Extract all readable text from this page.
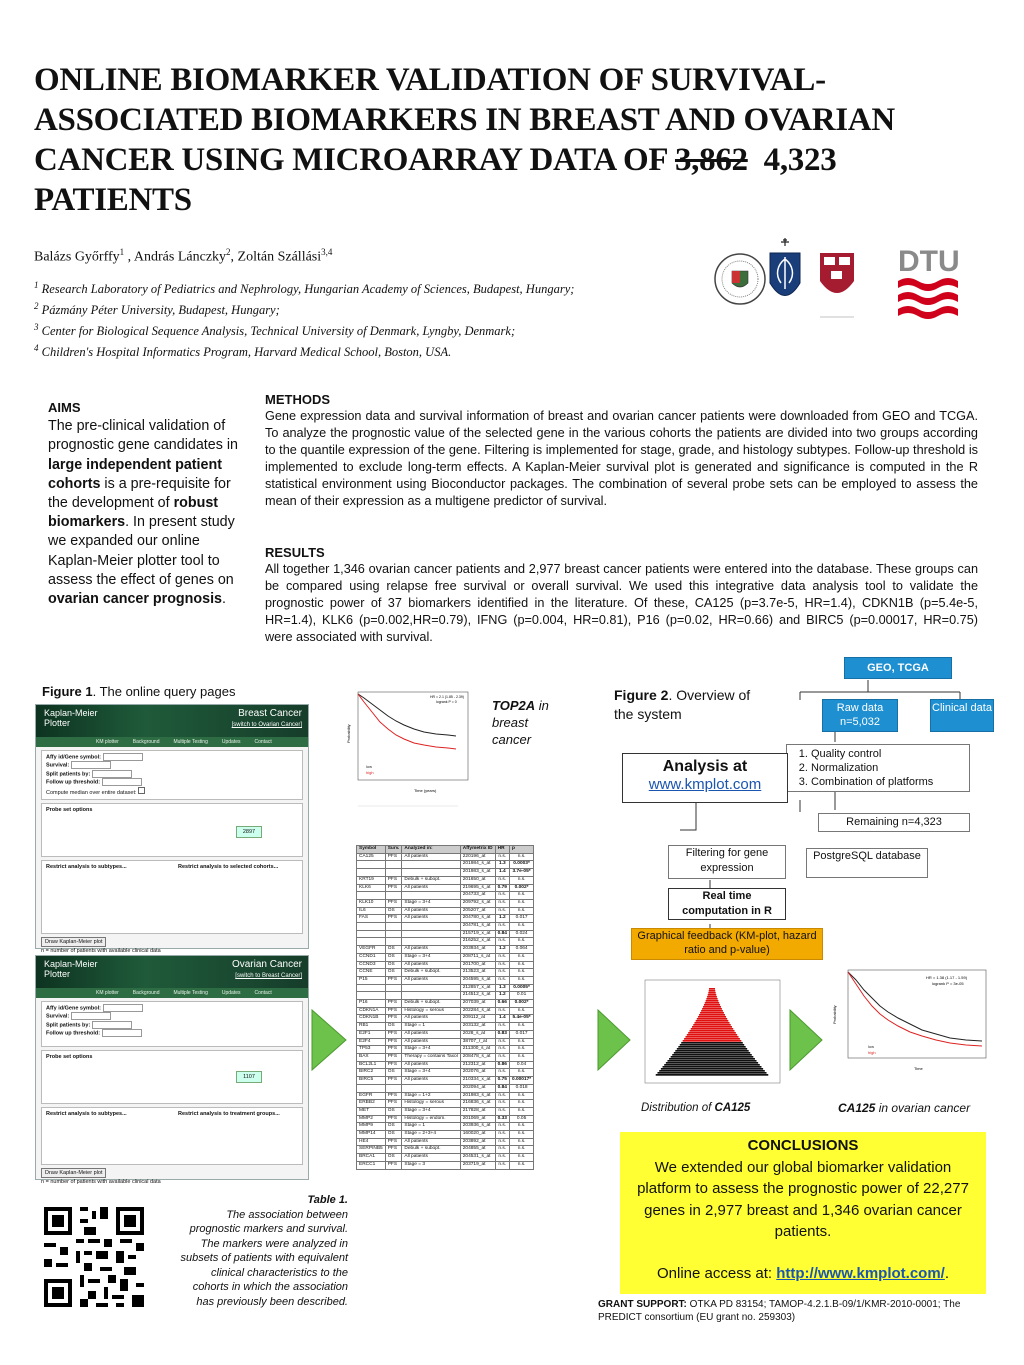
ONLINE BIOMARKER VALIDATION OF SURVIVAL-ASSOCIATED BIOMARKERS IN BREAST AND OVARIAN CANCER USING MICROARRAY DATA OF 3,862 4,323 PATIENTS
Balázs Győrffy$^1$ , András Lánczky$^2$, Zoltán Szállási$^{3,4}$
$^1$ Research Laboratory of Pediatrics and Nephrology, Hungarian Academy of Sciences, Budapest, Hungary;
$^2$ Pázmány Péter University, Budapest, Hungary;
$^3$ Center for Biological Sequence Analysis, Technical University of Denmark, Lyngby, Denmark;
$^4$ Children's Hospital Informatics Program, Harvard Medical School, Boston, USA.
DTU
AIMS
The pre-clinical validation of prognostic gene candidates in large independent patient cohorts is a pre-requisite for the development of robust biomarkers. In present study we expanded our online Kaplan-Meier plotter tool to assess the effect of genes on ovarian cancer prognosis.
METHODS
Gene expression data and survival information of breast and ovarian cancer patients were downloaded from GEO and TCGA. To analyze the prognostic value of the selected gene in the various cohorts the patients are divided into two groups according to the quantile expression of the gene. Filtering is implemented for stage, grade, and histology subtypes. Follow-up threshold is implemented to exclude long-term effects. A Kaplan-Meier survival plot is generated and significance is computed in the R statistical environment using Bioconductor packages. The combination of several probe sets can be employed to assess the mean of their expression as a multigene predictor of survival.
RESULTS
All together 1,346 ovarian cancer patients and 2,977 breast cancer patients were entered into the database. These groups can be compared using relapse free survival or overall survival. We used this integrative data analysis tool to validate the prognostic power of 37 biomarkers identified in the literature. Of these, CA125 (p=3.7e-5, HR=1.4), CDKN1B (p=5.4e-5, HR=1.4), KLK6 (p=0.002,HR=0.79), IFNG (p=0.004, HR=0.81), P16 (p=0.02, HR=0.66) and BIRC5 (p=0.00017, HR=0.75) were associated with survival.
Figure 1. The online query pages
Kaplan-Meier Plotter
Breast Cancer
[switch to Ovarian Cancer]
KM plotter	Background	Multiple Testing	Updates	Contact
Affy id/Gene symbol:
Survival:
Split patients by:
Follow up threshold:
Compute median over entire dataset:
Probe set options
2897
Restrict analysis to subtypes...	Restrict analysis to selected cohorts...
Draw Kaplan-Meier plot
n = number of patients with available clinical data
Kaplan-Meier Plotter
Ovarian Cancer
[switch to Breast Cancer]
KM plotter	Background	Multiple Testing	Updates	Contact
Affy id/Gene symbol:
Survival:
Split patients by:
Follow up threshold:
Probe set options
1107
Restrict analysis to subtypes...	Restrict analysis to treatment groups...
Draw Kaplan-Meier plot
n = number of patients with available clinical data
HR = 2.1 (1.85 - 2.39)
logrank P = 0
low
high
Time (years)
Probability
TOP2A in breast cancer
Symbol	Surv.	Analyzed in:	Affymetrix ID	HR	p
CA125	PFS	All patients	220196_at	n.s.	n.s.
			201984_s_at	1.3	0.0003*
			201983_s_at	1.4	3.7e-05*
KRT19	PFS	Debulk + subopt.	201650_at	n.s.	n.s.
KLK6	PFS	All patients	219695_s_at	0.79	0.002*
			204733_at	n.s.	n.s.
KLK10	PFS	Stage = 3+4	209792_s_at	n.s.	n.s.
IL6	OS	All patients	205207_at	n.s.	n.s.
FAS	PFS	All patients	204780_s_at	1.2	0.017
			204781_s_at	n.s.	n.s.
			215719_x_at	0.84	0.024
			216252_x_at	n.s.	n.s.
VEGFR	OS	All patients	203934_at	1.2	0.064
CCND1	OS	Stage = 3+4	208711_s_at	n.s.	n.s.
CCND3	OS	All patients	201700_at	n.s.	n.s.
CCNE	OS	Debulk + subopt.	213523_at	n.s.	n.s.
P15	PFS	All patients	204595_s_at	n.s.	n.s.
			212857_x_at	1.3	0.0005*
			214512_s_at	1.2	0.01
P16	PFS	Debulk + subopt.	207039_at	0.66	0.002*
CDKN1A	PFS	Histology = serous	202284_s_at	n.s.	n.s.
CDKN1B	PFS	All patients	209112_at	1.4	5.4e-05*
RB1	OS	Stage = 1	203132_at	n.s.	n.s.
E2F1	PFS	All patients	2028_s_at	0.83	0.017
E2F4	PFS	All patients	38707_r_at	n.s.	n.s.
TP53	PFS	Stage = 3+4	211300_s_at	n.s.	n.s.
BAX	PFS	Therapy = contains Taxol	208478_s_at	n.s.	n.s.
BCL2L1	PFS	All patients	212312_at	0.86	0.04
BIRC2	OS	Stage = 3+4	202076_at	n.s.	n.s.
BIRC5	PFS	All patients	210334_x_at	0.75	0.00017*
			202094_at	0.84	0.018
EGFR	PFS	Stage = 1+2	201983_s_at	n.s.	n.s.
ERBB2	PFS	Histology = serous	216836_s_at	n.s.	n.s.
MET	OS	Stage = 3+4	217828_at	n.s.	n.s.
MMP2	PFS	Histology = endom.	201069_at	0.33	0.05
MMP9	OS	Stage = 1	203936_s_at	n.s.	n.s.
MMP14	OS	Stage = 2+3+4	160020_at	n.s.	n.s.
HE4	PFS	All patients	203892_at	n.s.	n.s.
SERPINB5	PFS	Debulk + subopt.	204855_at	n.s.	n.s.
BRCA1	OS	All patients	204531_s_at	n.s.	n.s.
ERCC1	PFS	Stage = 3	203719_at	n.s.	n.s.
Table 1.
The association between prognostic markers and survival. The markers were analyzed in subsets of patients with equivalent clinical characteristics to the cohorts in which the association has previously been described.
Figure 2. Overview of the system
GEO, TCGA
Raw data n=5,032
Clinical data
1. Quality control
2. Normalization
3. Combination of platforms
Remaining n=4,323
Analysis at
www.kmplot.com
Filtering for gene expression
PostgreSQL database
Real time computation in R
Graphical feedback (KM-plot, hazard ratio and p-value)
Distribution of CA125
HR = 1.38 (1.17 - 1.59)
logrank P = 3e-05
low
high
Time
Probability
CA125 in ovarian cancer
CONCLUSIONS
We extended our global biomarker validation platform to assess the prognostic power of 22,277 genes in 2,977 breast and 1,346 ovarian cancer patients.
Online access at: http://www.kmplot.com/.
GRANT SUPPORT: OTKA PD 83154; TAMOP-4.2.1.B-09/1/KMR-2010-0001; The PREDICT consortium (EU grant no. 259303)
